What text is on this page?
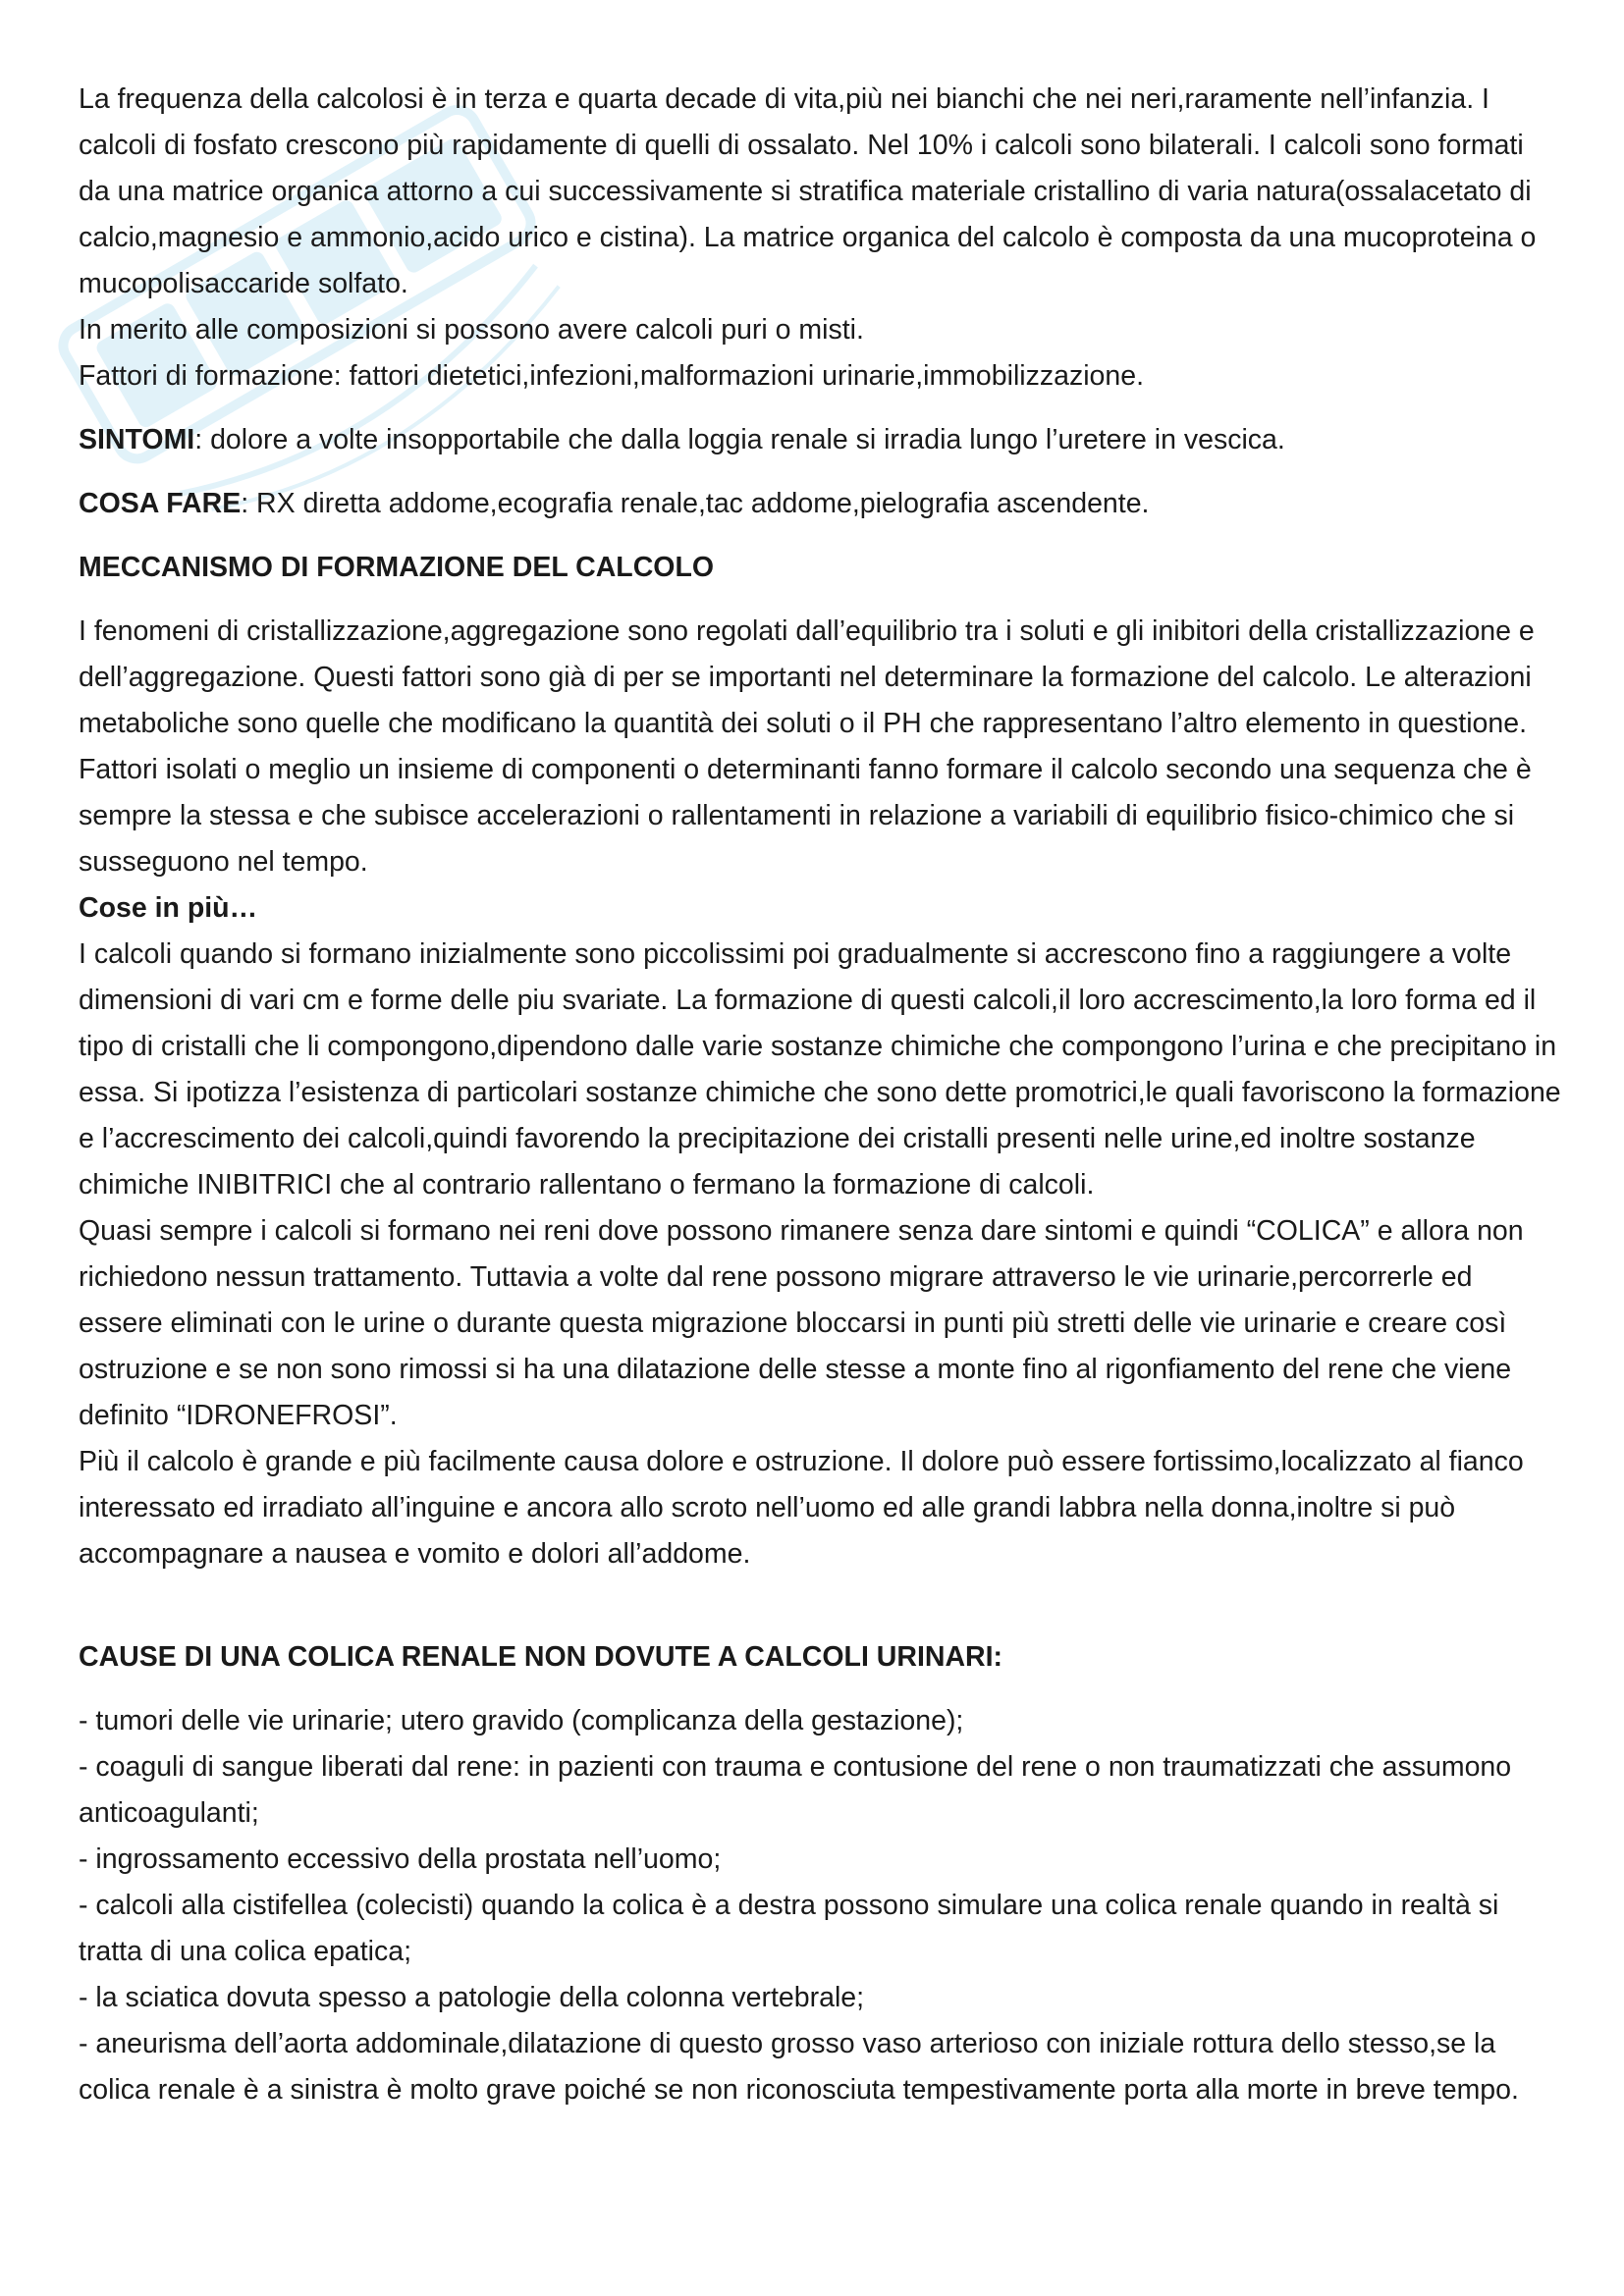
La frequenza della calcolosi è in terza e quarta decade di vita,più nei bianchi che nei neri,raramente nell’infanzia. I calcoli di fosfato crescono più rapidamente di quelli di ossalato. Nel 10% i calcoli sono bilaterali. I calcoli sono formati da una matrice organica attorno a cui successivamente si stratifica materiale cristallino di varia natura(ossalacetato di calcio,magnesio e ammonio,acido urico e cistina). La matrice organica del calcolo è composta da una mucoproteina o mucopolisaccaride solfato.

In merito alle composizioni si possono avere calcoli puri o misti.

Fattori di formazione: fattori dietetici,infezioni,malformazioni urinarie,immobilizzazione.

SINTOMI: dolore a volte insopportabile che dalla loggia renale si irradia lungo l’uretere in vescica.

COSA FARE: RX diretta addome,ecografia renale,tac addome,pielografia ascendente.

MECCANISMO DI FORMAZIONE DEL CALCOLO

I fenomeni di cristallizzazione,aggregazione sono regolati dall’equilibrio tra i soluti e gli inibitori della cristallizzazione e dell’aggregazione. Questi fattori sono già di per se importanti nel determinare la formazione del calcolo. Le alterazioni metaboliche sono quelle che modificano la quantità dei soluti o il PH che rappresentano l’altro elemento in questione. Fattori isolati o meglio un insieme di componenti o determinanti fanno formare il calcolo secondo una sequenza che è sempre la stessa e che subisce accelerazioni o rallentamenti in relazione a variabili di equilibrio fisico-chimico che si susseguono nel tempo.

Cose in più…

I calcoli quando si formano inizialmente sono piccolissimi poi gradualmente si accrescono fino a raggiungere a volte dimensioni di vari cm e forme delle piu svariate. La formazione di questi calcoli,il loro accrescimento,la loro forma ed il tipo di cristalli che li compongono,dipendono dalle varie sostanze chimiche che compongono l’urina e che precipitano in essa. Si ipotizza l’esistenza di particolari sostanze chimiche che sono dette promotrici,le quali favoriscono la formazione e l’accrescimento dei calcoli,quindi favorendo la precipitazione dei cristalli presenti nelle urine,ed inoltre sostanze chimiche INIBITRICI che al contrario rallentano o fermano la formazione di calcoli.

Quasi sempre i calcoli si formano nei reni dove possono rimanere senza dare sintomi e quindi “COLICA” e allora non richiedono nessun trattamento. Tuttavia a volte dal rene possono migrare attraverso le vie urinarie,percorrerle ed essere eliminati con le urine o durante questa migrazione bloccarsi in punti più stretti delle vie urinarie e creare così ostruzione e se non sono rimossi si ha una dilatazione delle stesse a monte fino al rigonfiamento del rene che viene definito “IDRONEFROSI”.

Più il calcolo è grande e più facilmente causa dolore e ostruzione. Il dolore può essere fortissimo,localizzato al fianco interessato ed irradiato all’inguine e ancora allo scroto nell’uomo ed alle grandi labbra nella donna,inoltre si può accompagnare a nausea e vomito e dolori all’addome.

CAUSE DI UNA COLICA RENALE NON DOVUTE A CALCOLI URINARI:

- tumori delle vie urinarie; utero gravido (complicanza della gestazione);
- coaguli di sangue liberati dal rene: in pazienti con trauma e contusione del rene o non traumatizzati che assumono anticoagulanti;
- ingrossamento eccessivo della prostata nell’uomo;
- calcoli alla cistifellea (colecisti) quando la colica è a destra possono simulare una colica renale quando in realtà si tratta di una colica epatica;
- la sciatica dovuta spesso a patologie della colonna vertebrale;
- aneurisma dell’aorta addominale,dilatazione di questo grosso vaso arterioso con iniziale rottura dello stesso,se la colica renale è a sinistra è molto grave poiché se non riconosciuta tempestivamente porta alla morte in breve tempo.
